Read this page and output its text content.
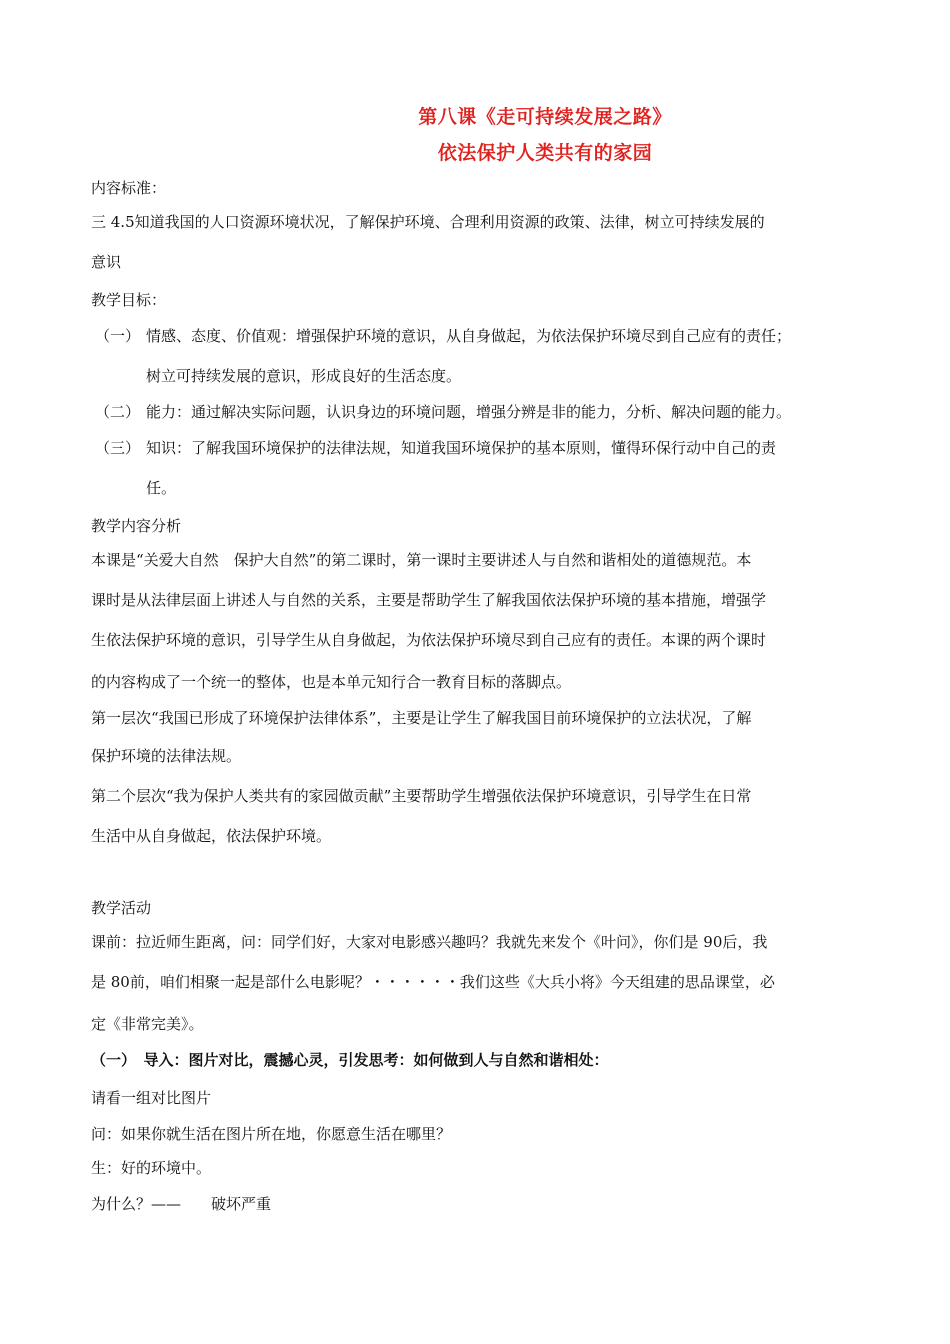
第八课《走可持续发展之路》
依法保护人类共有的家园
内容标准：
三 4.5知道我国的人口资源环境状况，了解保护环境、合理利用资源的政策、法律，树立可持续发展的
意识
教学目标：
（一） 情感、态度、价值观：增强保护环境的意识，从自身做起，为依法保护环境尽到自己应有的责任；
树立可持续发展的意识，形成良好的生活态度。
（二） 能力：通过解决实际问题，认识身边的环境问题，增强分辨是非的能力，分析、解决问题的能力。
（三） 知识：了解我国环境保护的法律法规，知道我国环境保护的基本原则，懂得环保行动中自己的责
任。
教学内容分析
本课是“关爱大自然　保护大自然”的第二课时，第一课时主要讲述人与自然和谐相处的道德规范。本
课时是从法律层面上讲述人与自然的关系，主要是帮助学生了解我国依法保护环境的基本措施，增强学
生依法保护环境的意识，引导学生从自身做起，为依法保护环境尽到自己应有的责任。本课的两个课时
的内容构成了一个统一的整体，也是本单元知行合一教育目标的落脚点。
第一层次“我国已形成了环境保护法律体系”，主要是让学生了解我国目前环境保护的立法状况，了解
保护环境的法律法规。
第二个层次“我为保护人类共有的家园做贡献”主要帮助学生增强依法保护环境意识，引导学生在日常
生活中从自身做起，依法保护环境。
教学活动
课前：拉近师生距离，问：同学们好，大家对电影感兴趣吗？我就先来发个《叶问》，你们是 90后，我
是 80前，咱们相聚一起是部什么电影呢？・・・・・・我们这些《大兵小将》今天组建的思品课堂，必
定《非常完美》。
（一）　导入：图片对比，震撼心灵，引发思考：如何做到人与自然和谐相处：
请看一组对比图片
问：如果你就生活在图片所在地，你愿意生活在哪里？
生：好的环境中。
为什么？——　　破坏严重
